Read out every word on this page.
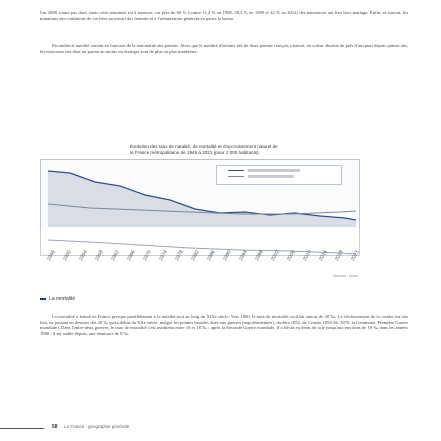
l'an 2000 n'aura pas duré, mais cette remontée est à nuancer, car près de 60 % (contre 11,4 % en 1980, 28,2 % en 1989 et 42 % en 2012) des naissances ont lieu hors mariage. Enfin, et surtout, les mutations des conditions de vie liées au travail des femmes et à l'urbanisation génèrent en partie la baisse.

Fécondité et natalité varient en fonction de la nationalité des parents. Alors que le nombre d'enfants nés de deux parents français a baissé, en valeur absolue de près d'un quart depuis quinze ans, les nouveaux nés dont un parent au moins est étranger sont de plus en plus nombreux.

Évolution des taux de natalité, de mortalité et d'accroissement naturel de
la France métropolitaine de 1946 à 2021 (pour 1 000 habitants)
1946 1950 1954 1958 1962 1966 1970 1974 1978 1982 1986 1990 1994 1998 2002 2006 2010 2014 2018 2021
Sources : Insee
La mortalité

La mortalité a baissé en France presque parallèlement à la natalité tout au long du XIXe siècle. Vers 1800, le taux de mortalité oscillait autour de 30 ‰. Le fléchissement de la courbe fut très lent, ne passant en dessous des 20 ‰ qu'au début du XXe siècle, malgré les pointes brutales dues aux guerres (napoléoniennes), choléra 1832, de Crimée 1854-56, 1870, la Commune, Première Guerre mondiale). Dans l'entre-deux guerres, le taux de mortalité s'est maintenu entre 16 et 18 ‰ ; après la Seconde Guerre mondiale, il a fléchi en dents de scie jusqu'aux environs de 10 ‰ dans les années 1980 ; il est stable depuis, aux alentours de 9 ‰.

58 La France : géographie générale
